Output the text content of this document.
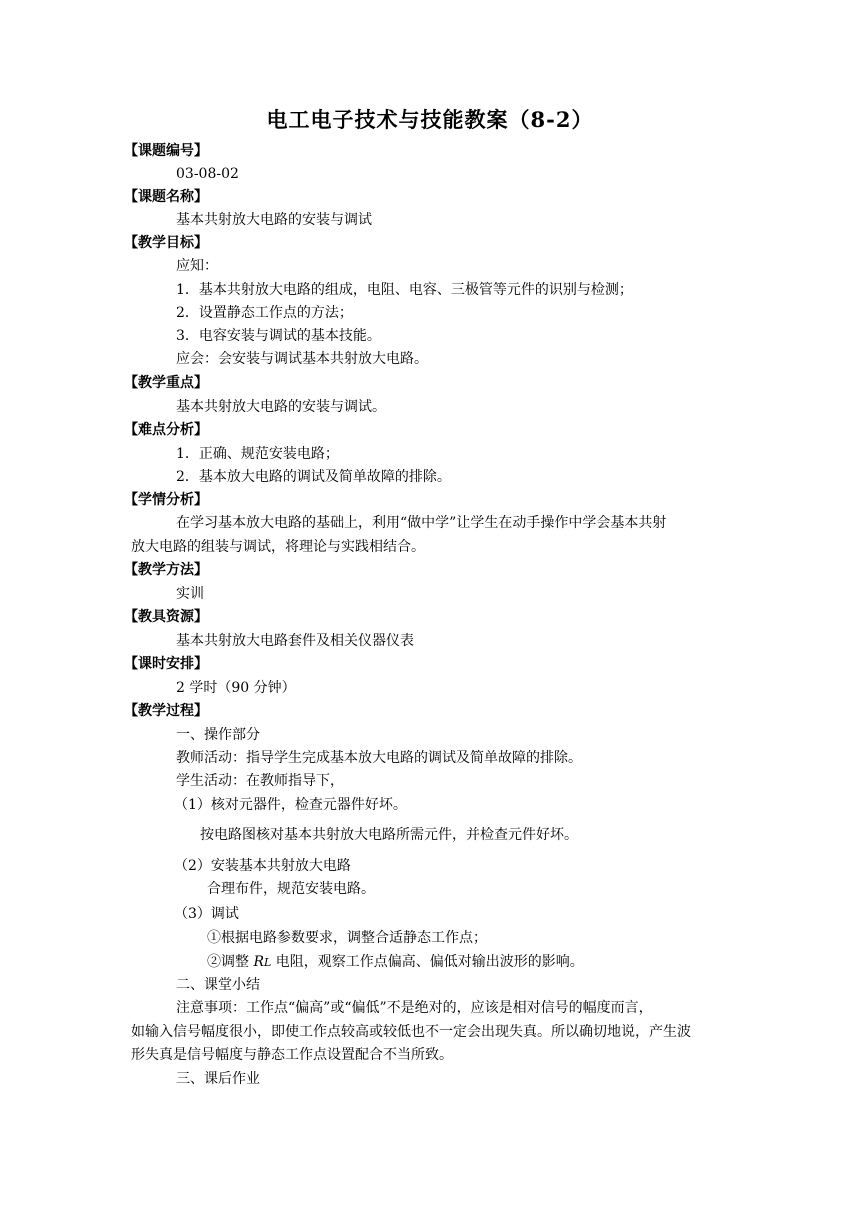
电工电子技术与技能教案（8-2）
【课题编号】
03-08-02
【课题名称】
基本共射放大电路的安装与调试
【教学目标】
应知：
1．基本共射放大电路的组成，电阻、电容、三极管等元件的识别与检测；
2．设置静态工作点的方法；
3．电容安装与调试的基本技能。
应会：会安装与调试基本共射放大电路。
【教学重点】
基本共射放大电路的安装与调试。
【难点分析】
1．正确、规范安装电路；
2．基本放大电路的调试及简单故障的排除。
【学情分析】
在学习基本放大电路的基础上，利用“做中学”让学生在动手操作中学会基本共射
放大电路的组装与调试，将理论与实践相结合。
【教学方法】
实训
【教具资源】
基本共射放大电路套件及相关仪器仪表
【课时安排】
2 学时（90 分钟）
【教学过程】
一、操作部分
教师活动：指导学生完成基本放大电路的调试及简单故障的排除。
学生活动：在教师指导下，
（1）核对元器件，检查元器件好坏。
按电路图核对基本共射放大电路所需元件，并检查元件好坏。
（2）安装基本共射放大电路
合理布件，规范安装电路。
（3）调试
①根据电路参数要求，调整合适静态工作点；
②调整 RL 电阻，观察工作点偏高、偏低对输出波形的影响。
二、课堂小结
注意事项：工作点“偏高”或“偏低”不是绝对的，应该是相对信号的幅度而言，
如输入信号幅度很小，即使工作点较高或较低也不一定会出现失真。所以确切地说，产生波
形失真是信号幅度与静态工作点设置配合不当所致。
三、课后作业
